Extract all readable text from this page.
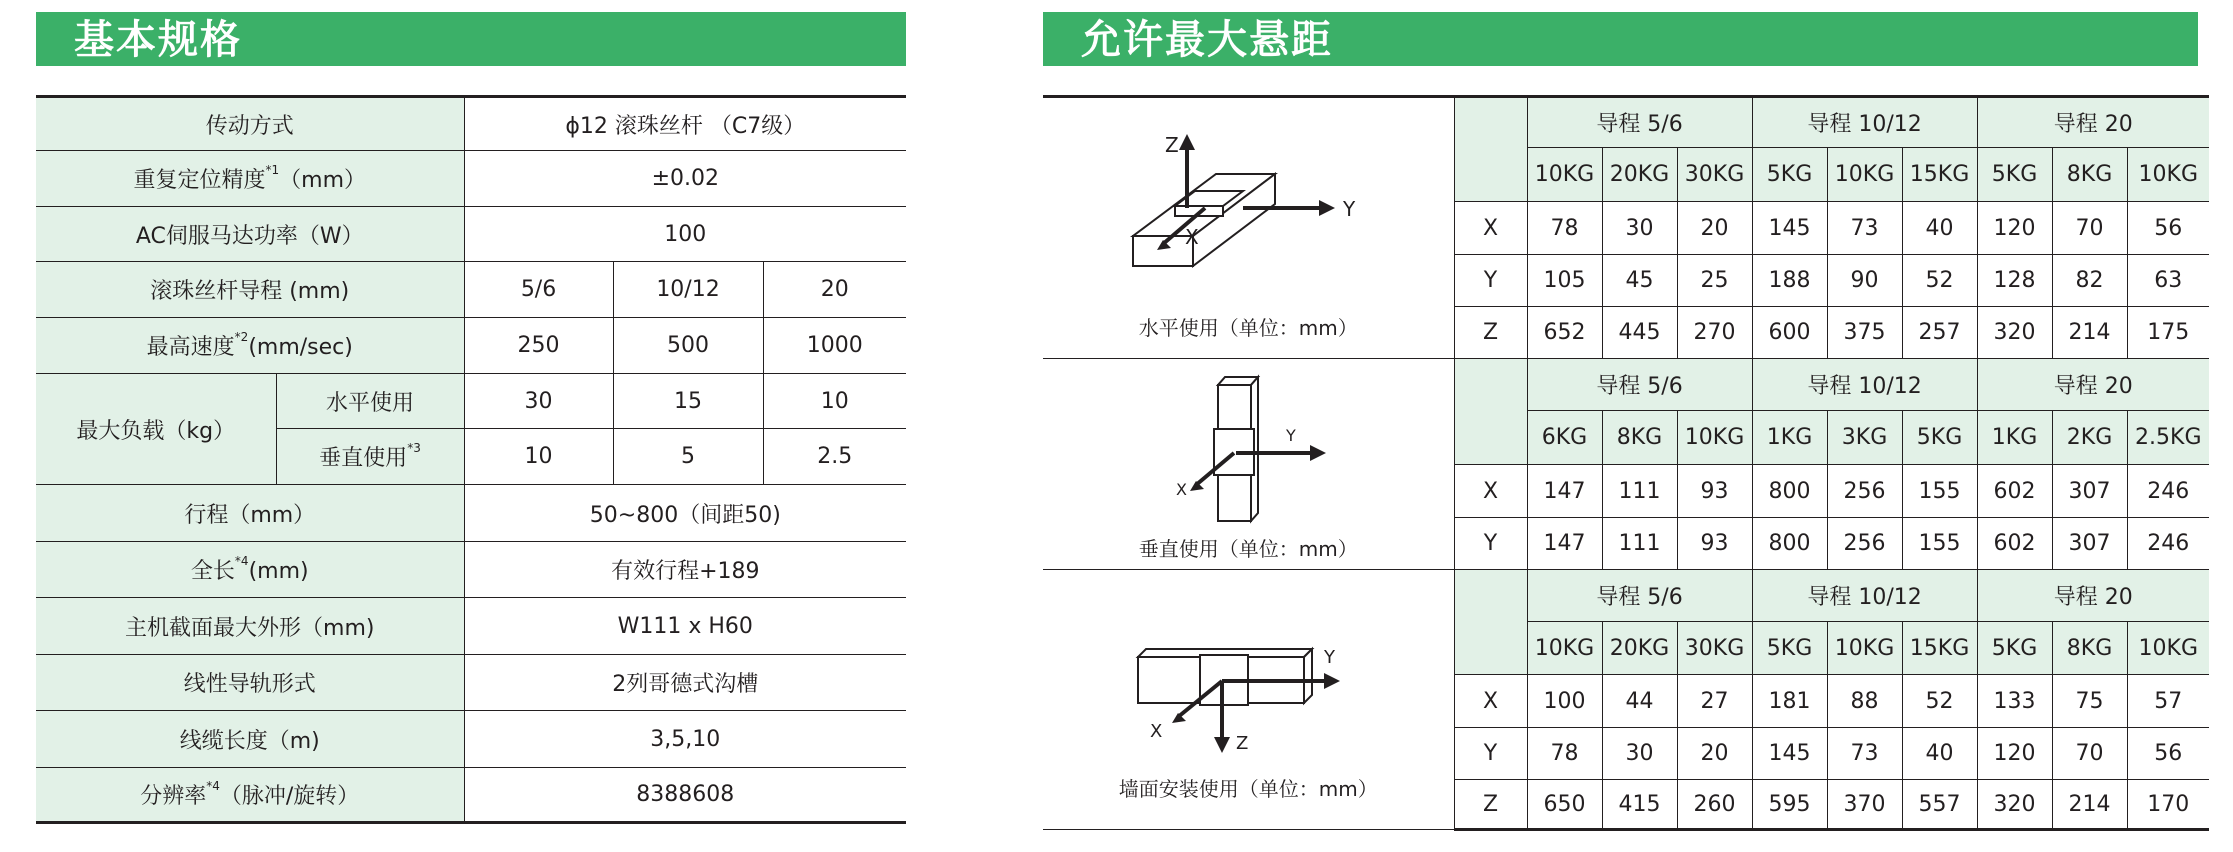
基本规格	允许最大悬距
传动方式		ϕ12 滚珠丝杆 （C7级）		
重复定位精度$^{*1}$（mm）		±0.02		
AC伺服马达功率（W）		100		
滚珠丝杆导程 (mm)		5/6	10/12	20
最高速度$^{*2}$(mm/sec)		250	500	1000
最大负载（kg）	水平使用	30	15	10
	垂直使用$^{*3}$	10	5	2.5
行程（mm）		50~800（间距50)		
全长$^{*4}$(mm)		有效行程+189		
主机截面最大外形（mm)		W111 x H60		
线性导轨形式		2列哥德式沟槽		
线缆长度（m)		3,5,10		
分辨率$^{*4}$（脉冲/旋转）		8388608		
Z
Y
X
水平使用（单位：mm）		导程 5/6			导程 10/12			导程 20		
		10KG	20KG	30KG	5KG	10KG	15KG	5KG	8KG	10KG
	X	78	30	20	145	73	40	120	70	56
	Y	105	45	25	188	90	52	128	82	63
	Z	652	445	270	600	375	257	320	214	175

Y
X
垂直使用（单位：mm）		导程 5/6			导程 10/12			导程 20		
		6KG	8KG	10KG	1KG	3KG	5KG	1KG	2KG	2.5KG
	X	147	111	93	800	256	155	602	307	246
	Y	147	111	93	800	256	155	602	307	246

Y
X
Z
墙面安装使用（单位：mm）		导程 5/6			导程 10/12			导程 20		
		10KG	20KG	30KG	5KG	10KG	15KG	5KG	8KG	10KG
	X	100	44	27	181	88	52	133	75	57
	Y	78	30	20	145	73	40	120	70	56
	Z	650	415	260	595	370	557	320	214	170
